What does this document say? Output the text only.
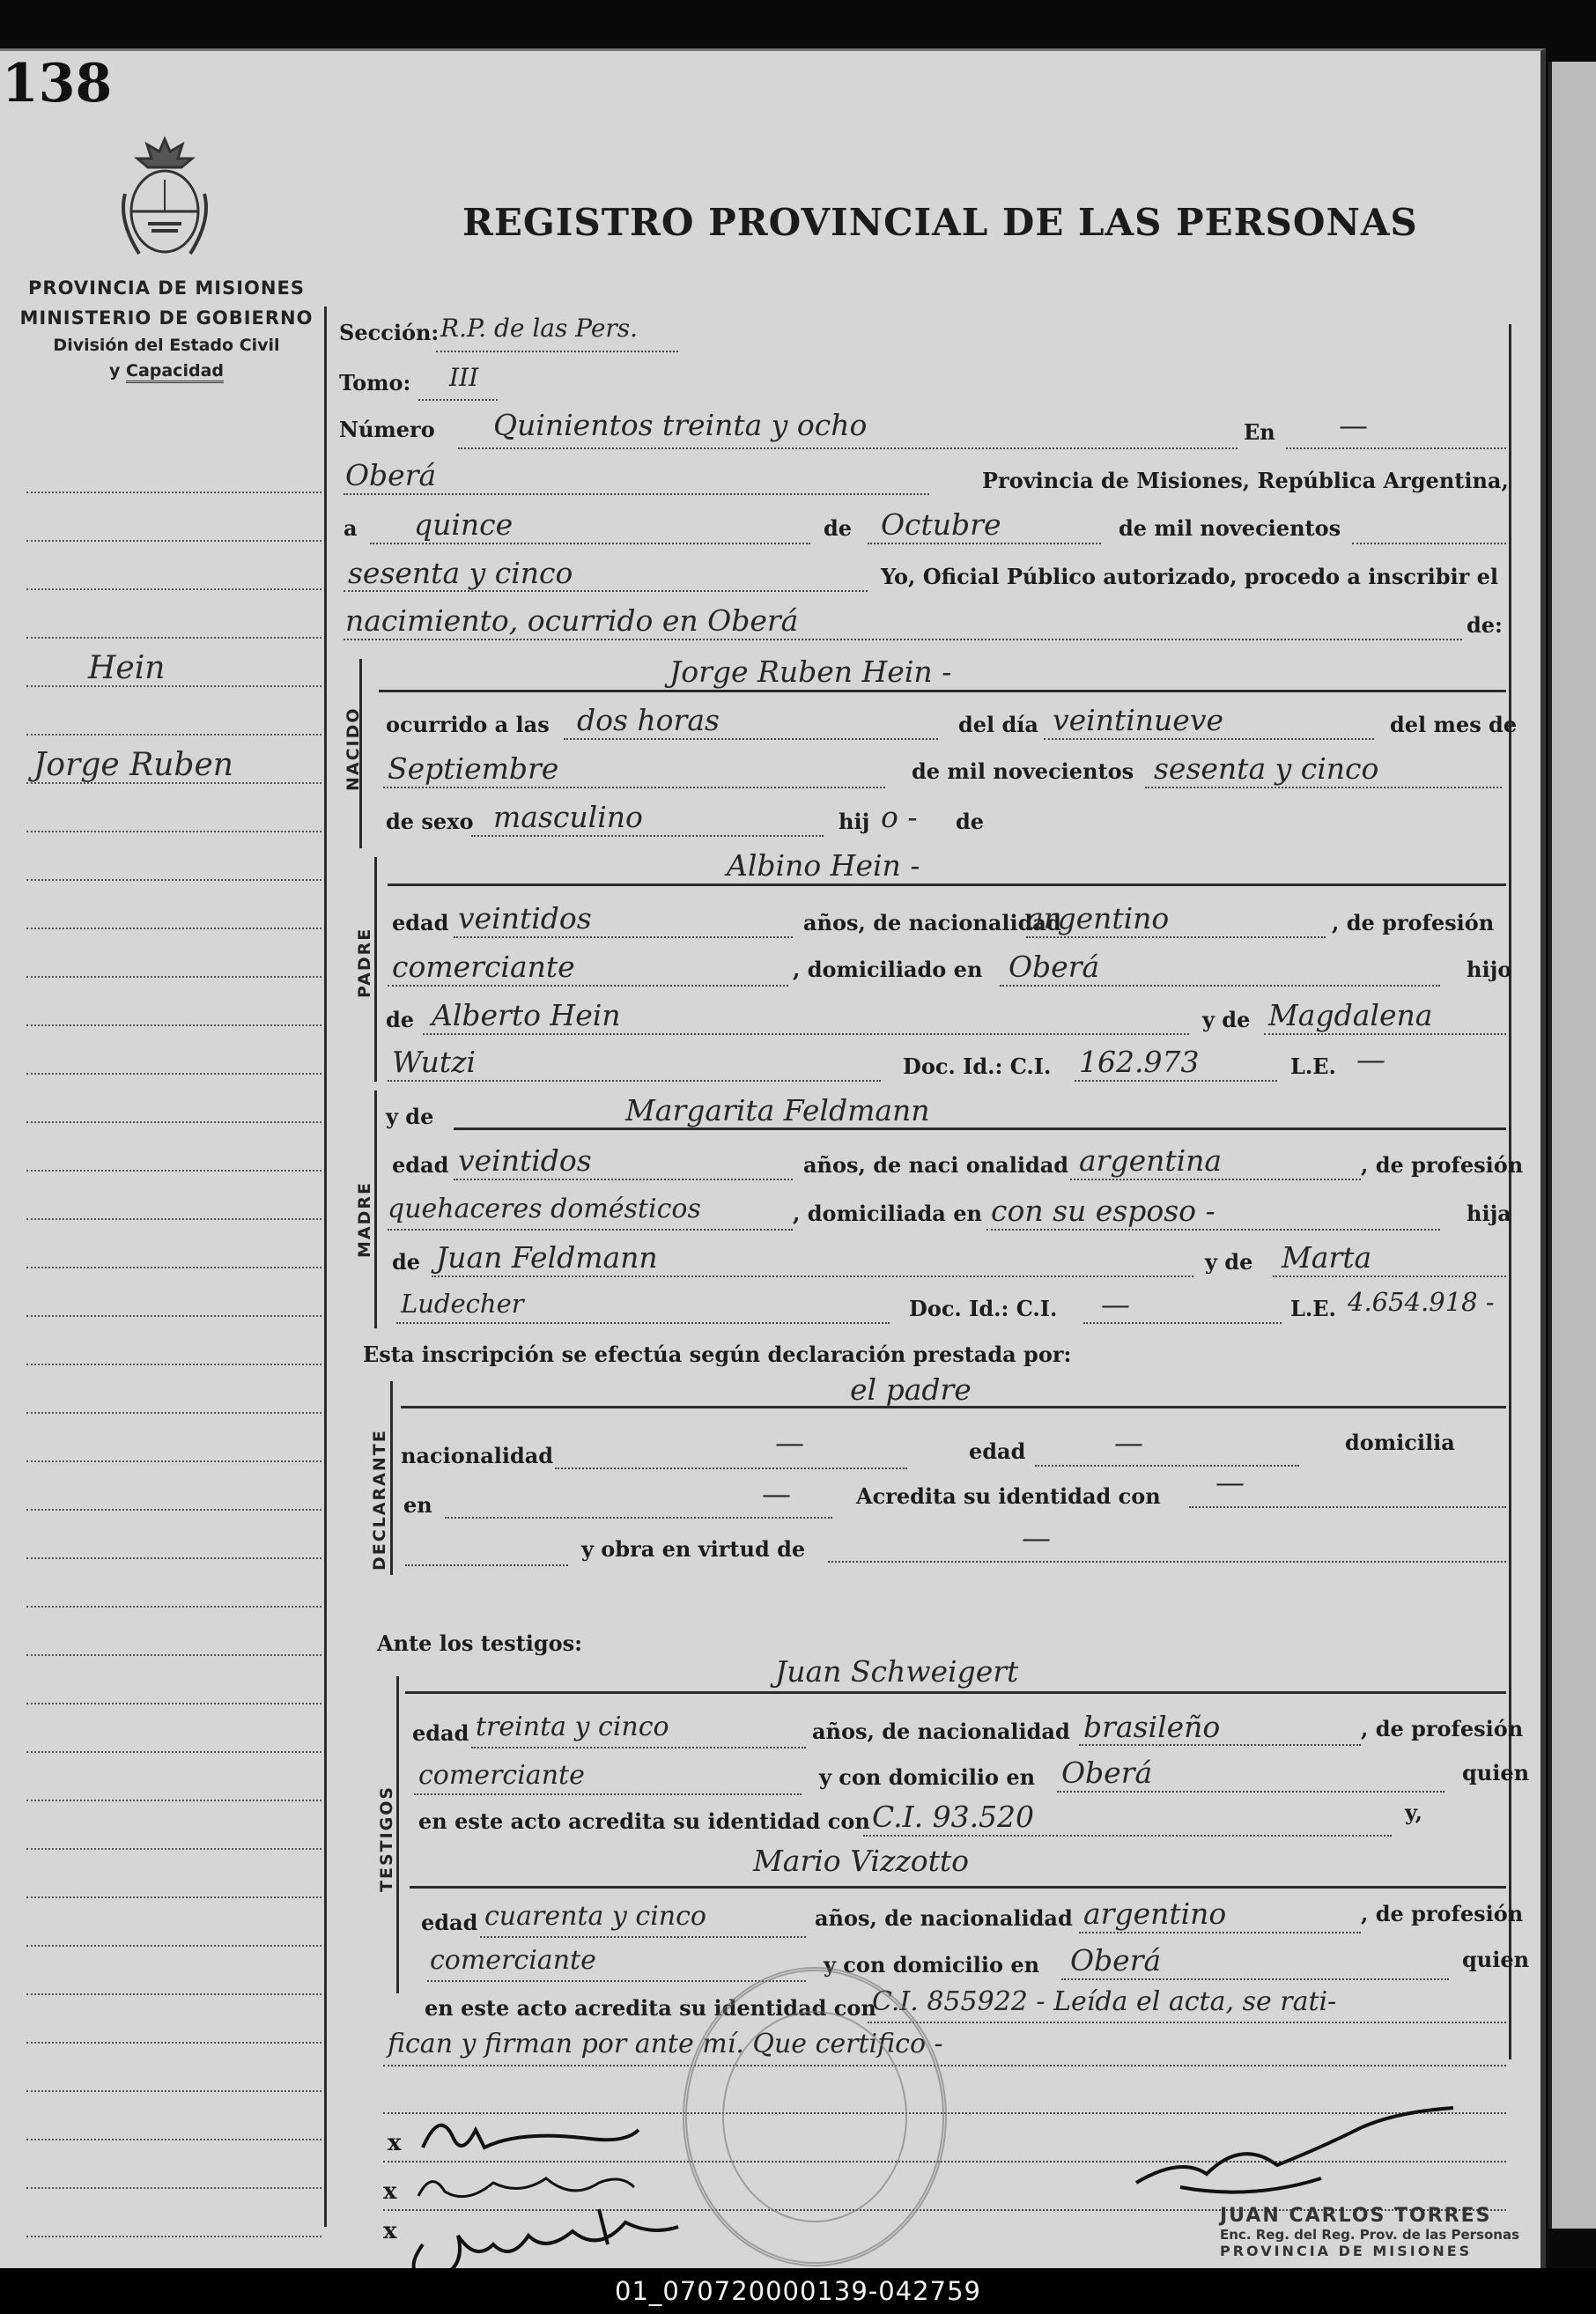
138
PROVINCIA DE MISIONES
MINISTERIO DE GOBIERNO
División del Estado Civil
y Capacidad
REGISTRO PROVINCIAL DE LAS PERSONAS
Hein
Jorge Ruben
Sección: R.P. de las Pers.
Tomo: III
Número Quinientos treinta y ocho	En —
Oberá	Provincia de Misiones, República Argentina,
a quince	de Octubre	de mil novecientos
sesenta y cinco	Yo, Oficial Público autorizado, procedo a inscribir el
nacimiento, ocurrido en Oberá	de:
NACIDO
Jorge Ruben Hein -
ocurrido a las dos horas	del día veintinueve	del mes de
Septiembre	de mil novecientos sesenta y cinco
de sexo masculino	hij o - de
PADRE
Albino Hein -
edad veintidos	años, de nacionalidad
argentino	, de profesión
comerciante	, domiciliado en Oberá	hijo
de Alberto Hein	y de Magdalena
Wutzi	Doc. Id.: C.I. 162.973	L.E. —
MADRE
y de	Margarita Feldmann
edad veintidos	años, de naci onalidad argentina	, de profesión
quehaceres domésticos	, domiciliada en con su esposo -	hija
de Juan Feldmann	y de Marta
Ludecher	Doc. Id.: C.I. —	L.E. 4.654.918 -
Esta inscripción se efectúa según declaración prestada por:
DECLARANTE
el padre
nacionalidad	—	edad	—	domicilia
en	—	Acredita su identidad con —
y obra en virtud de	—
Ante los testigos:
TESTIGOS
Juan Schweigert
edad treinta y cinco	años, de nacionalidad brasileño	, de profesión
comerciante	y con domicilio en Oberá	quien
en este acto acredita su identidad con C.I. 93.520	y,
Mario Vizzotto
edad cuarenta y cinco	años, de nacionalidad argentino	, de profesión
comerciante	y con domicilio en Oberá	quien
en este acto acredita su identidad con
C.I. 855922 - Leída el acta, se rati-
fican y firman por ante mí. Que certifico -
x
x
x
JUAN CARLOS TORRES
Enc. Reg. del Reg. Prov. de las Personas
PROVINCIA DE MISIONES
01_070720000139-042759
